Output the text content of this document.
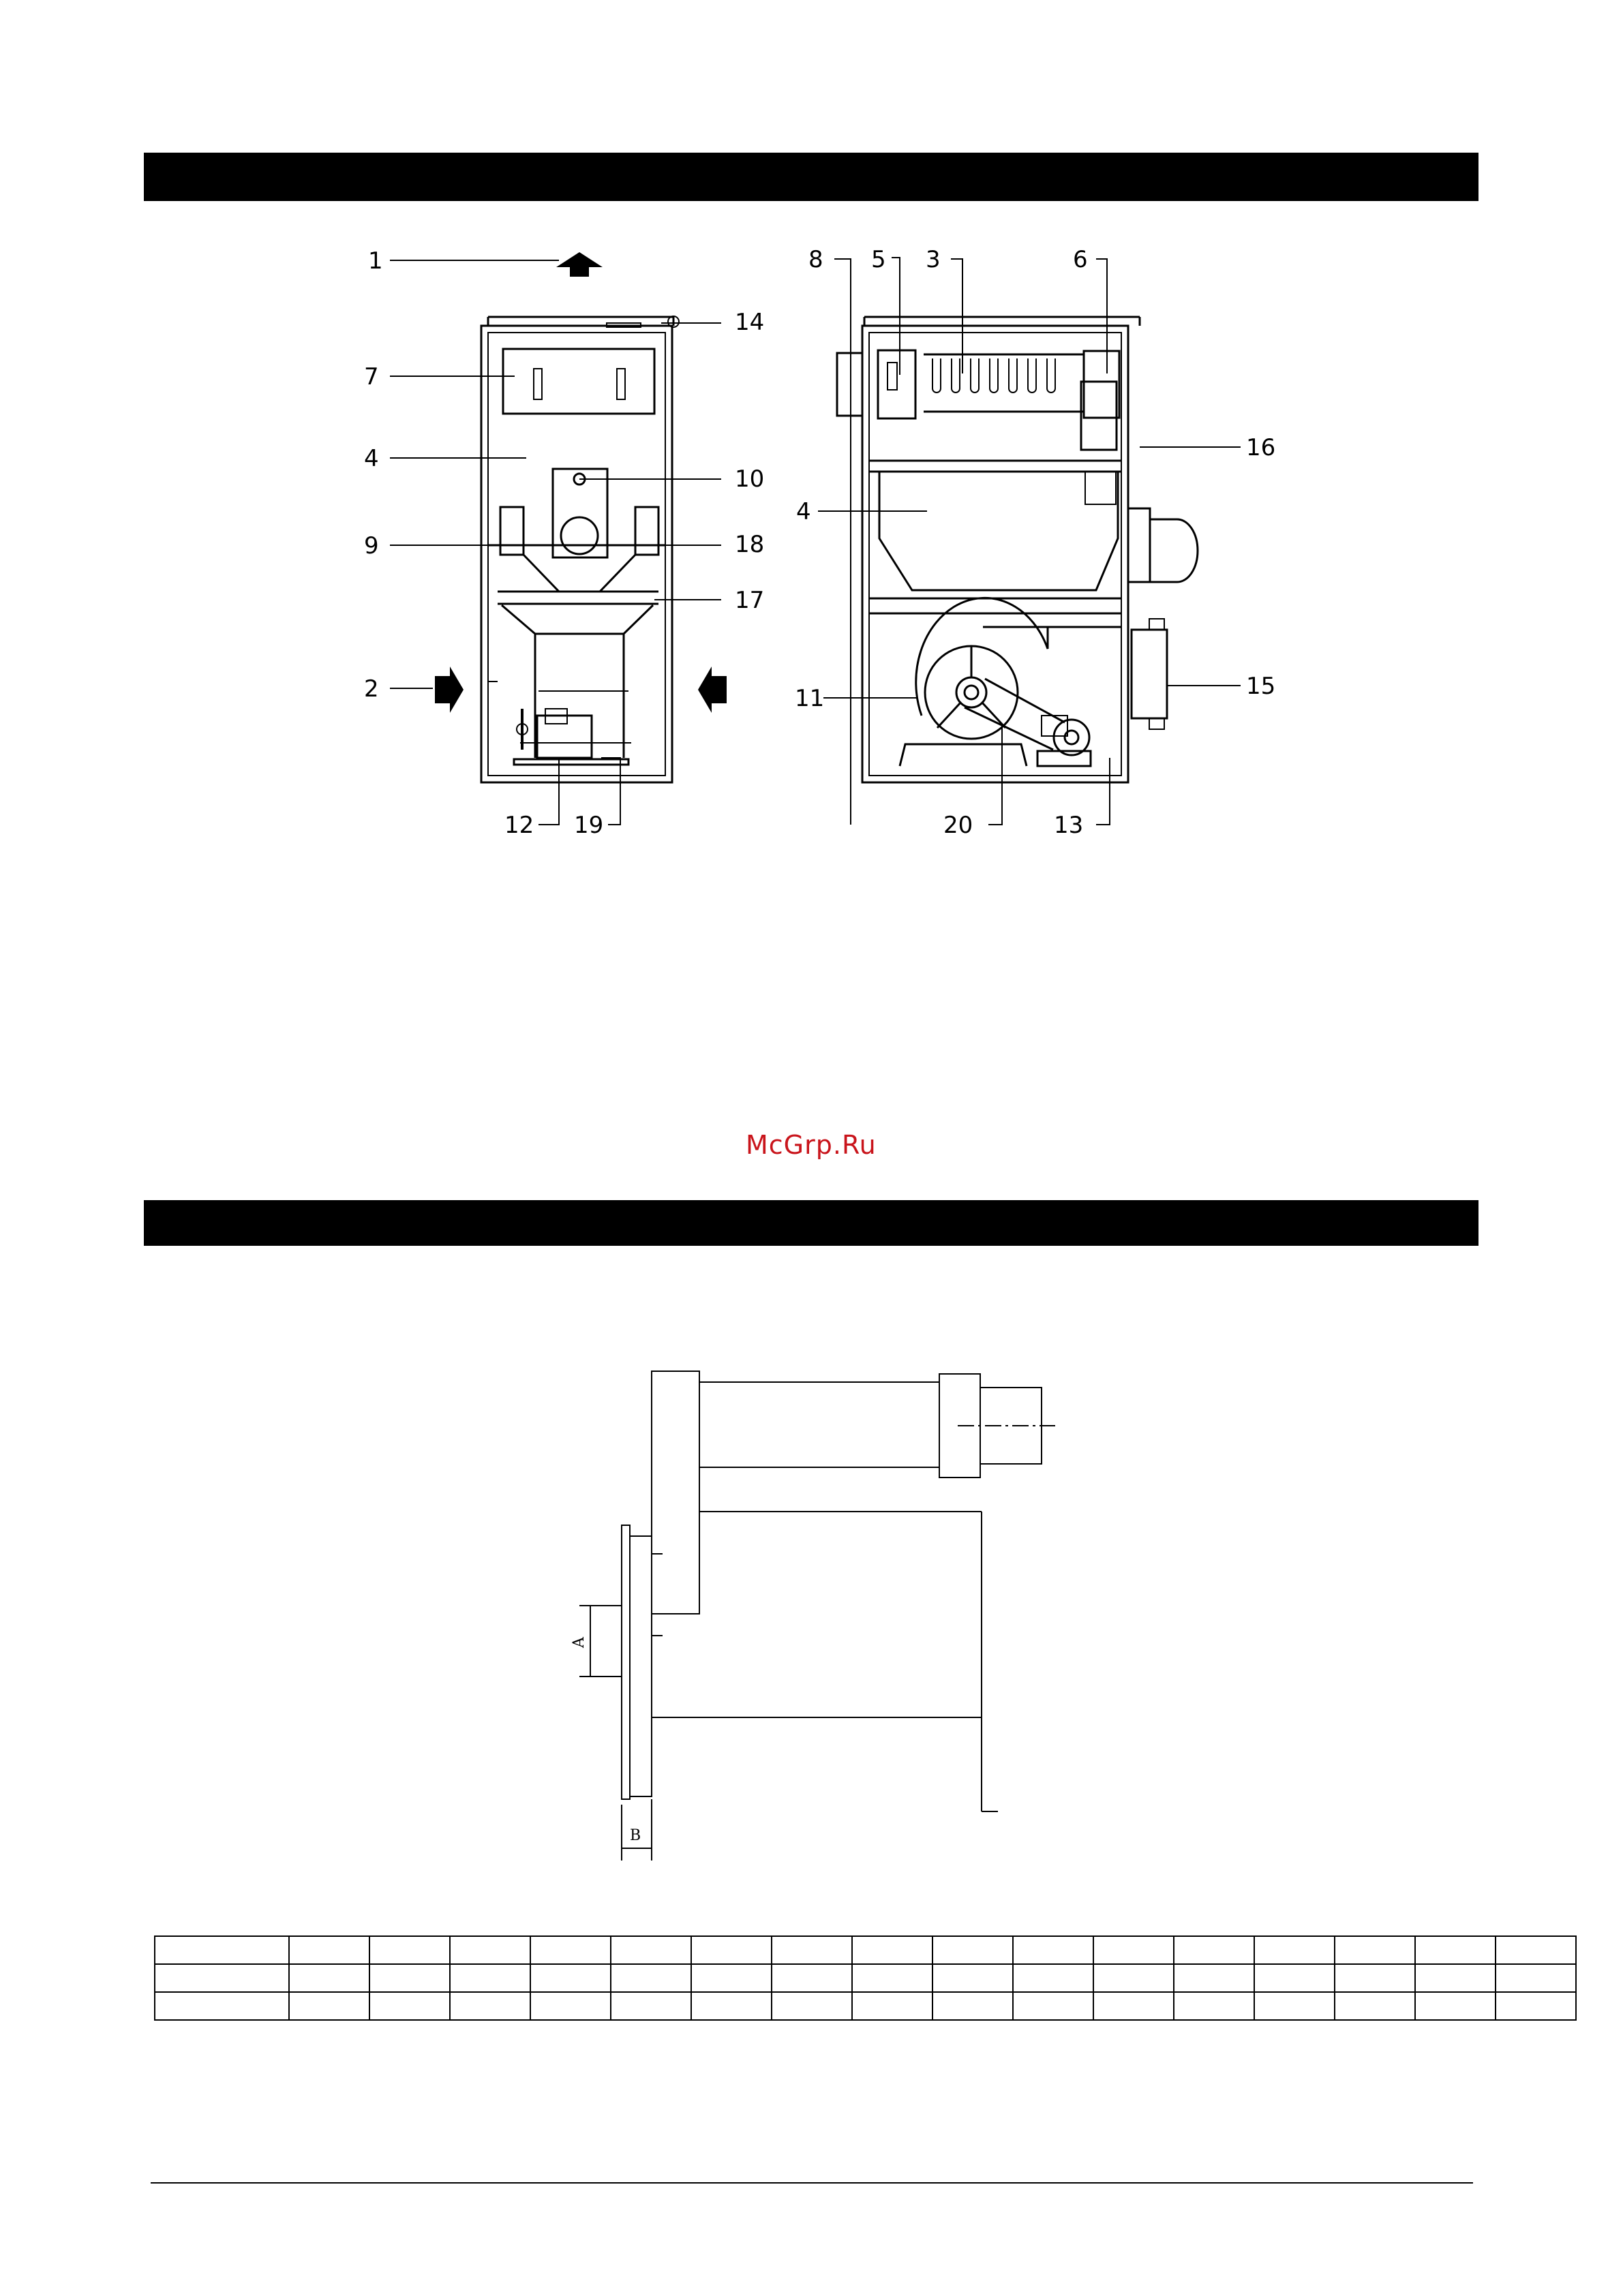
1
14
7
4
10
9	18
17
2
12 19
8 5 3	6
16
4
11	15
20	13
McGrp.Ru
A
B
